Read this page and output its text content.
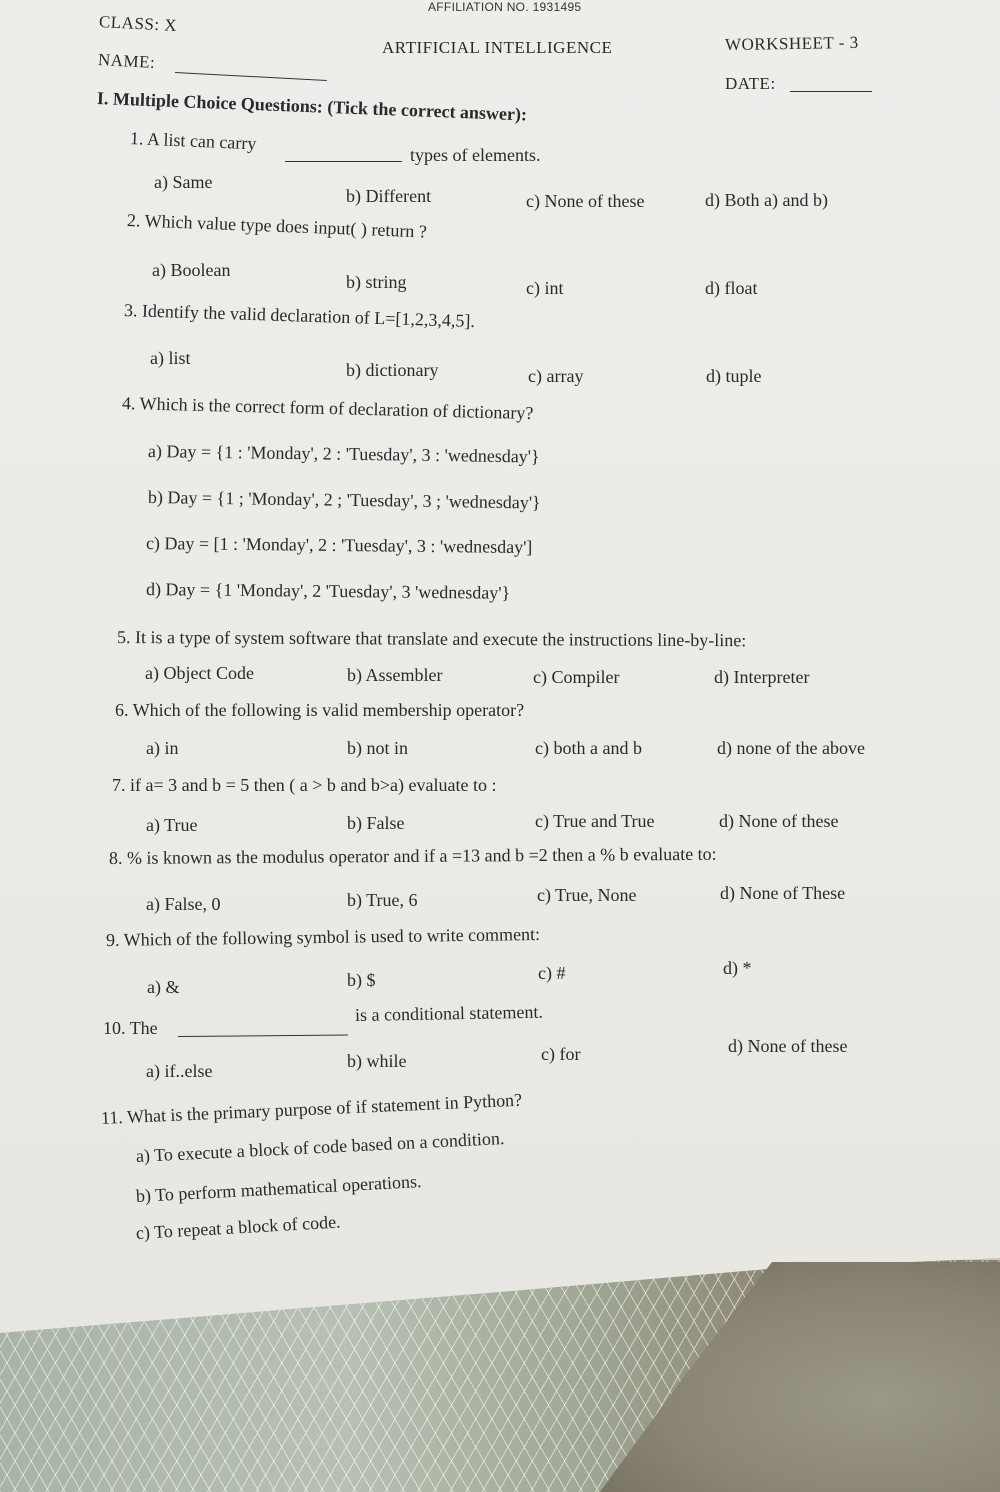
AFFILIATION NO. 1931495
CLASS: X
NAME:
ARTIFICIAL INTELLIGENCE	WORKSHEET - 3
DATE:
I. Multiple Choice Questions: (Tick the correct answer):
1. A list can carry
types of elements.
a) Same
b) Different	c) None of these	d) Both a) and b)
2. Which value type does input( ) return ?
a) Boolean
b) string	c) int	d) float
3. Identify the valid declaration of L=[1,2,3,4,5].
a) list
b) dictionary	c) array	d) tuple
4. Which is the correct form of declaration of dictionary?
a) Day = {1 : 'Monday', 2 : 'Tuesday', 3 : 'wednesday'}
b) Day = {1 ; 'Monday', 2 ; 'Tuesday', 3 ; 'wednesday'}
c) Day = [1 : 'Monday', 2 : 'Tuesday', 3 : 'wednesday']
d) Day = {1 'Monday', 2 'Tuesday', 3 'wednesday'}
5. It is a type of system software that translate and execute the instructions line-by-line:
a) Object Code	b) Assembler	c) Compiler	d) Interpreter
6. Which of the following is valid membership operator?
a) in	b) not in	c) both a and b	d) none of the above
7. if a= 3 and b = 5 then ( a > b and b>a) evaluate to :
a) True	b) False	c) True and True	d) None of these
8. % is known as the modulus operator and if a =13 and b =2 then a % b evaluate to:
a) False, 0	b) True, 6	c) True, None	d) None of These
9. Which of the following symbol is used to write comment:
a) &	b) $	c) #	d) *
10. The
is a conditional statement.
a) if..else	b) while	c) for	d) None of these
11. What is the primary purpose of if statement in Python?
a) To execute a block of code based on a condition.
b) To perform mathematical operations.
c) To repeat a block of code.
